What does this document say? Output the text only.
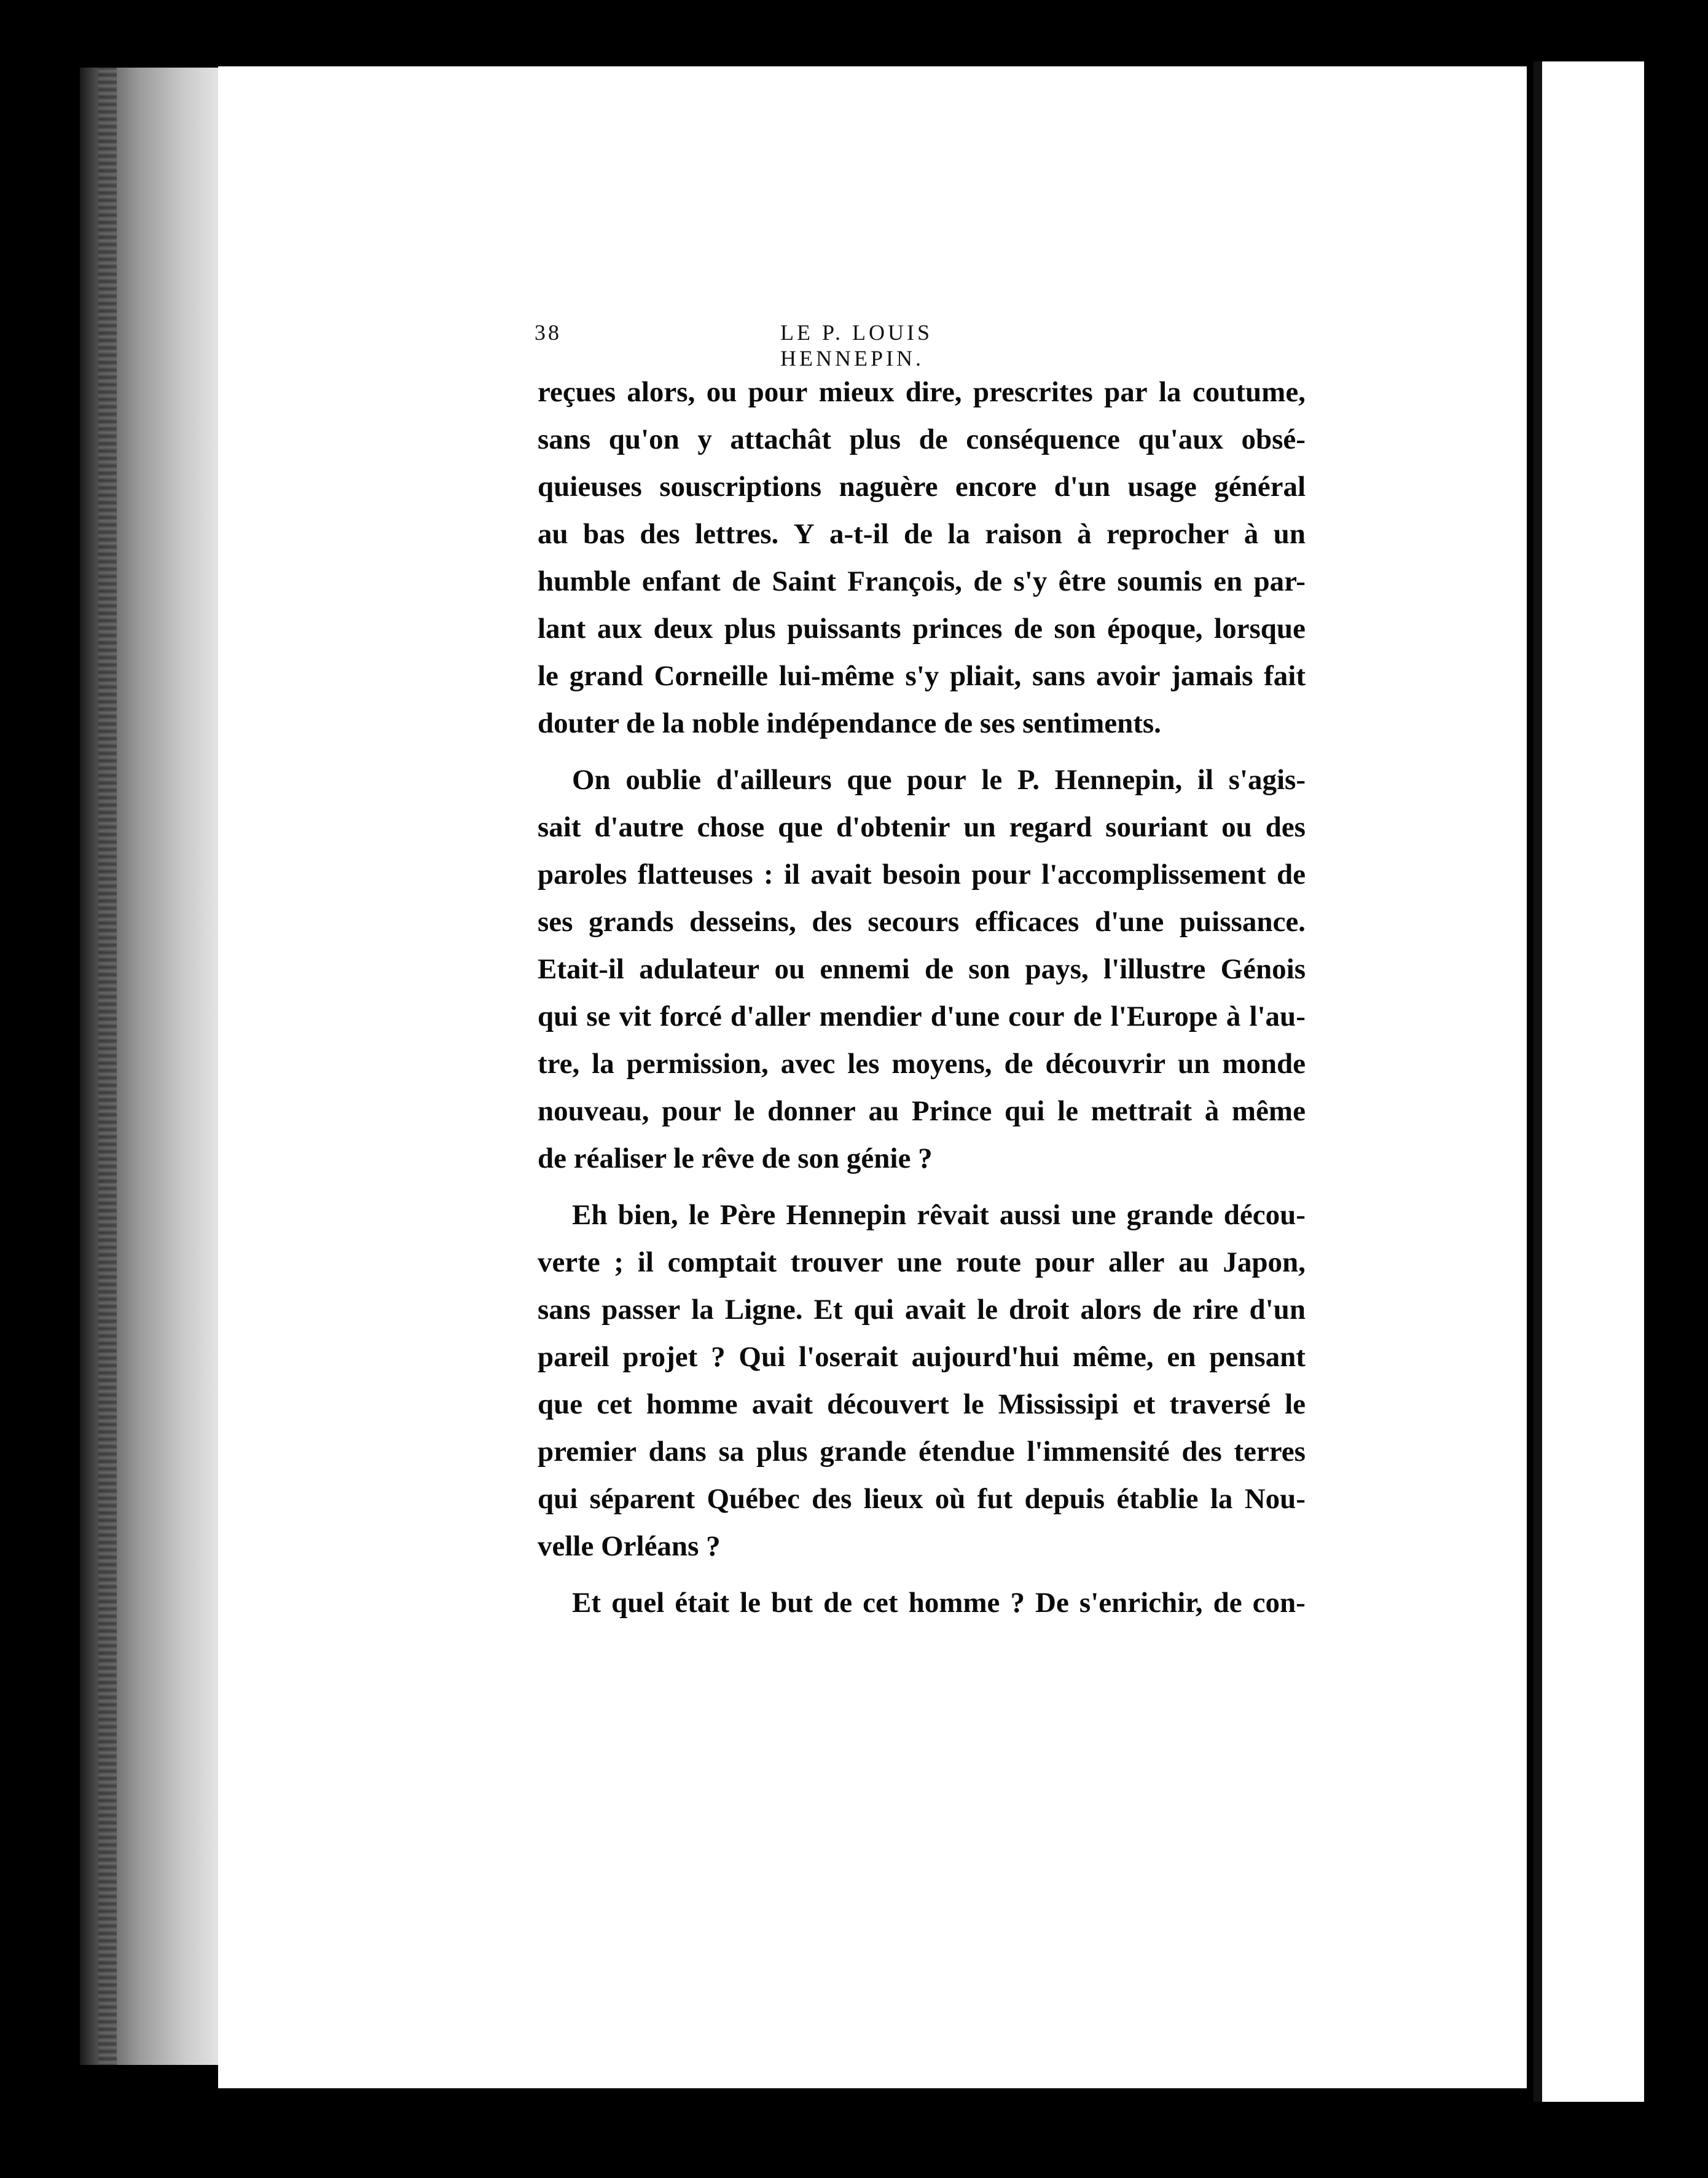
38	LE P. LOUIS HENNEPIN.
reçues alors, ou pour mieux dire, prescrites par la coutume,
sans qu'on y attachât plus de conséquence qu'aux obsé-
quieuses souscriptions naguère encore d'un usage général
au bas des lettres. Y a-t-il de la raison à reprocher à un
humble enfant de Saint François, de s'y être soumis en par-
lant aux deux plus puissants princes de son époque, lorsque
le grand Corneille lui-même s'y pliait, sans avoir jamais fait
douter de la noble indépendance de ses sentiments.
On oublie d'ailleurs que pour le P. Hennepin, il s'agis-
sait d'autre chose que d'obtenir un regard souriant ou des
paroles flatteuses : il avait besoin pour l'accomplissement de
ses grands desseins, des secours efficaces d'une puissance.
Etait-il adulateur ou ennemi de son pays, l'illustre Génois
qui se vit forcé d'aller mendier d'une cour de l'Europe à l'au-
tre, la permission, avec les moyens, de découvrir un monde
nouveau, pour le donner au Prince qui le mettrait à même
de réaliser le rêve de son génie ?
Eh bien, le Père Hennepin rêvait aussi une grande décou-
verte ; il comptait trouver une route pour aller au Japon,
sans passer la Ligne. Et qui avait le droit alors de rire d'un
pareil projet ? Qui l'oserait aujourd'hui même, en pensant
que cet homme avait découvert le Mississipi et traversé le
premier dans sa plus grande étendue l'immensité des terres
qui séparent Québec des lieux où fut depuis établie la Nou-
velle Orléans ?
Et quel était le but de cet homme ? De s'enrichir, de con-
